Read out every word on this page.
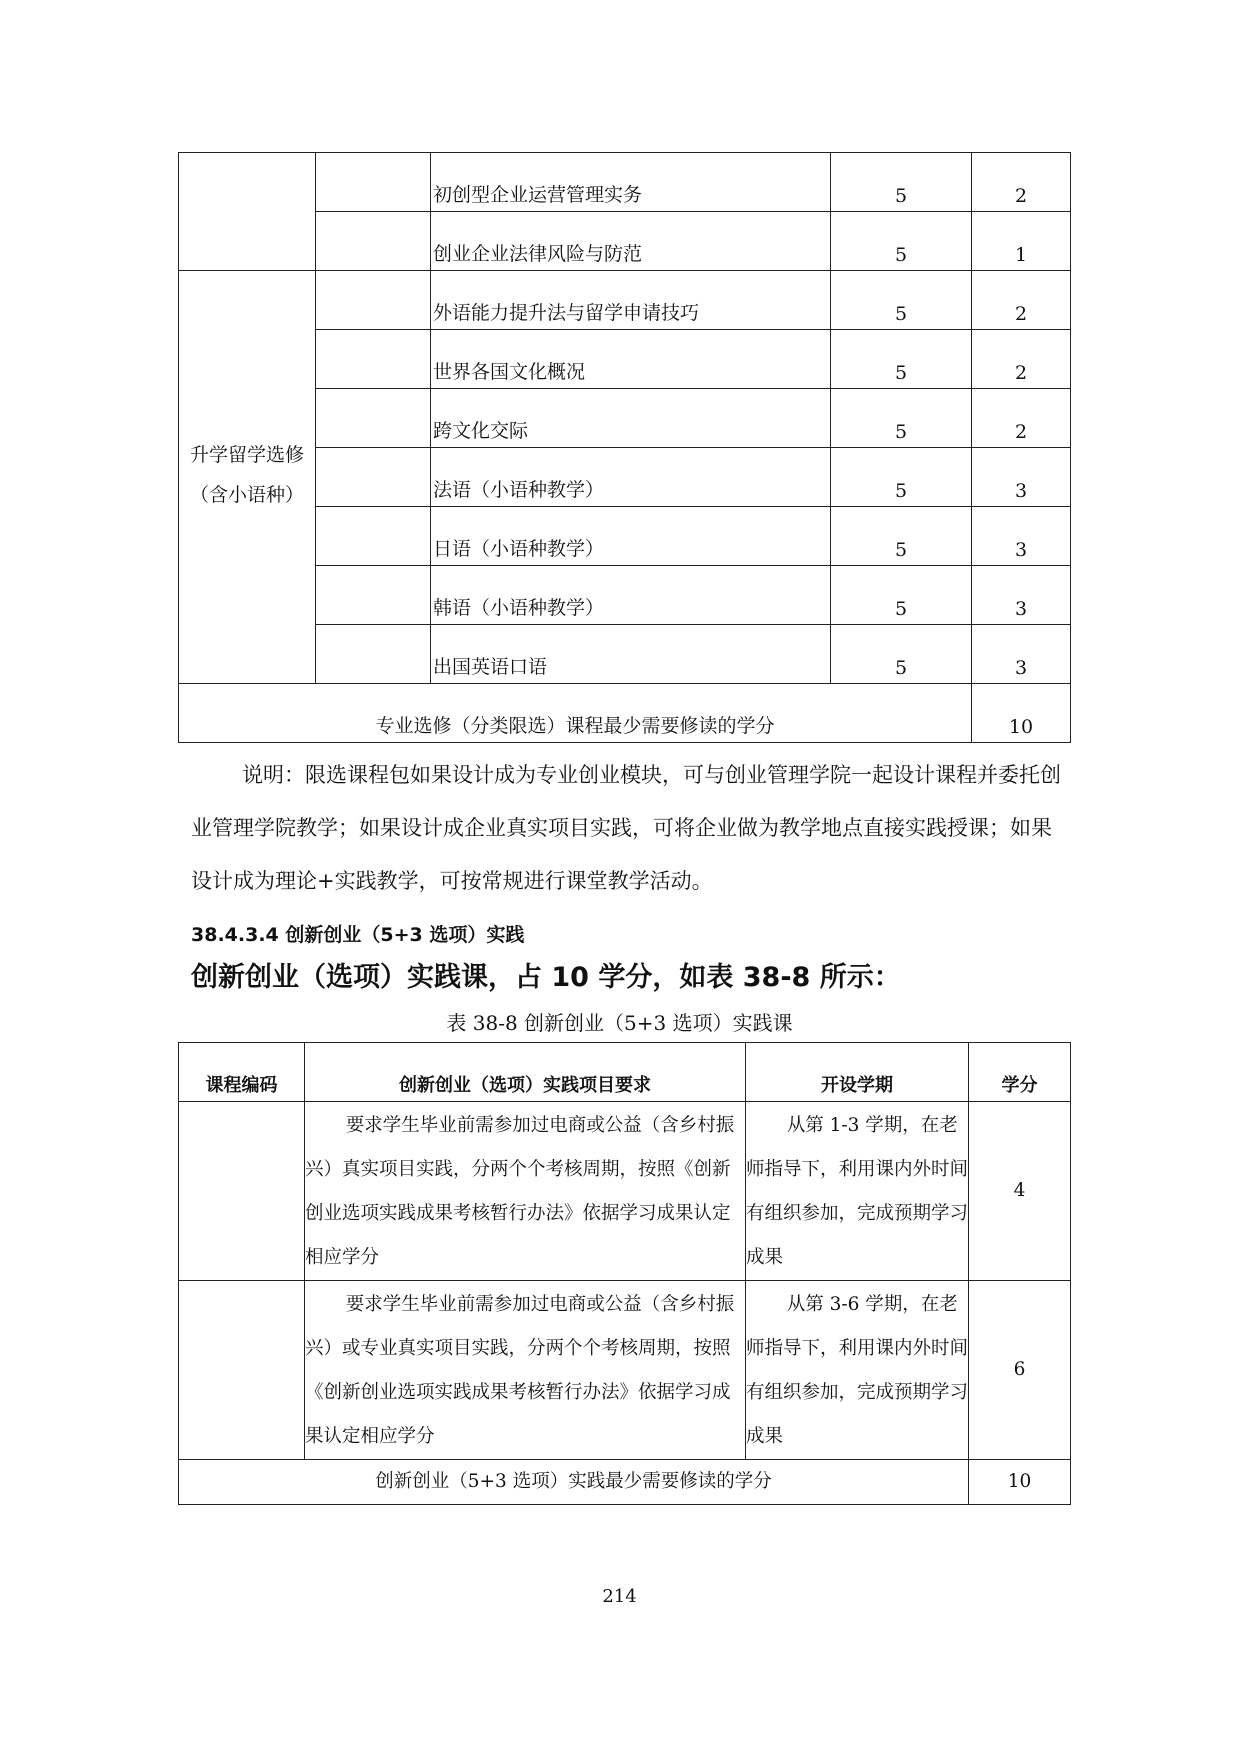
		初创型企业运营管理实务	5	2
		创业企业法律风险与防范	5	1

升学留学选修
（含小语种）		外语能力提升法与留学申请技巧	5	2
		世界各国文化概况	5	2
		跨文化交际	5	2
		法语（小语种教学）	5	3
		日语（小语种教学）	5	3
		韩语（小语种教学）	5	3
		出国英语口语	5	3
专业选修（分类限选）课程最少需要修读的学分				10
说明：限选课程包如果设计成为专业创业模块，可与创业管理学院一起设计课程并委托创业管理学院教学；如果设计成企业真实项目实践，可将企业做为教学地点直接实践授课；如果设计成为理论+实践教学，可按常规进行课堂教学活动。
38.4.3.4 创新创业（5+3 选项）实践
创新创业（选项）实践课，占 10 学分，如表 38-8 所示：
表 38-8 创新创业（5+3 选项）实践课
课程编码	创新创业（选项）实践项目要求	开设学期	学分
	要求学生毕业前需参加过电商或公益（含乡村振兴）真实项目实践，分两个个考核周期，按照《创新创业选项实践成果考核暂行办法》依据学习成果认定相应学分	从第 1-3 学期，在老师指导下，利用课内外时间有组织参加，完成预期学习成果	4
	要求学生毕业前需参加过电商或公益（含乡村振兴）或专业真实项目实践，分两个个考核周期，按照《创新创业选项实践成果考核暂行办法》依据学习成果认定相应学分	从第 3-6 学期，在老师指导下，利用课内外时间有组织参加，完成预期学习成果	6
创新创业（5+3 选项）实践最少需要修读的学分			10
214
